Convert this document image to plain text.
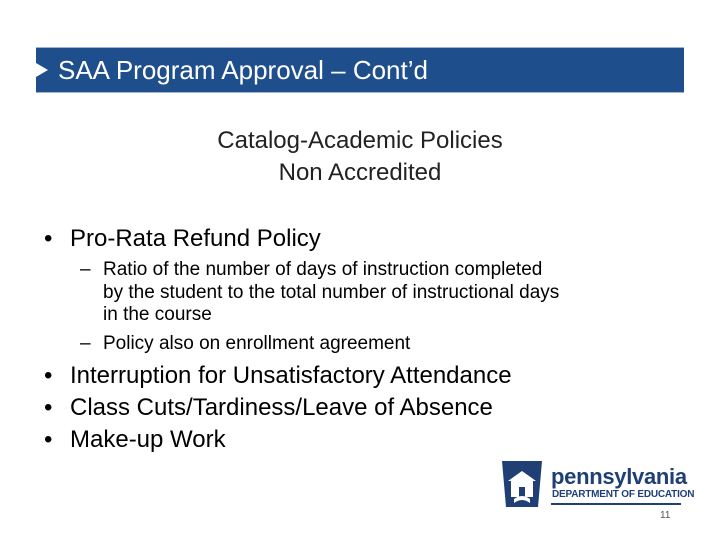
SAA Program Approval – Cont’d
Catalog-Academic Policies
Non Accredited
• Pro-Rata Refund Policy
– Ratio of the number of days of instruction completed
by the student to the total number of instructional days
in the course
– Policy also on enrollment agreement
• Interruption for Unsatisfactory Attendance
• Class Cuts/Tardiness/Leave of Absence
• Make-up Work
pennsylvania
DEPARTMENT OF EDUCATION
11
